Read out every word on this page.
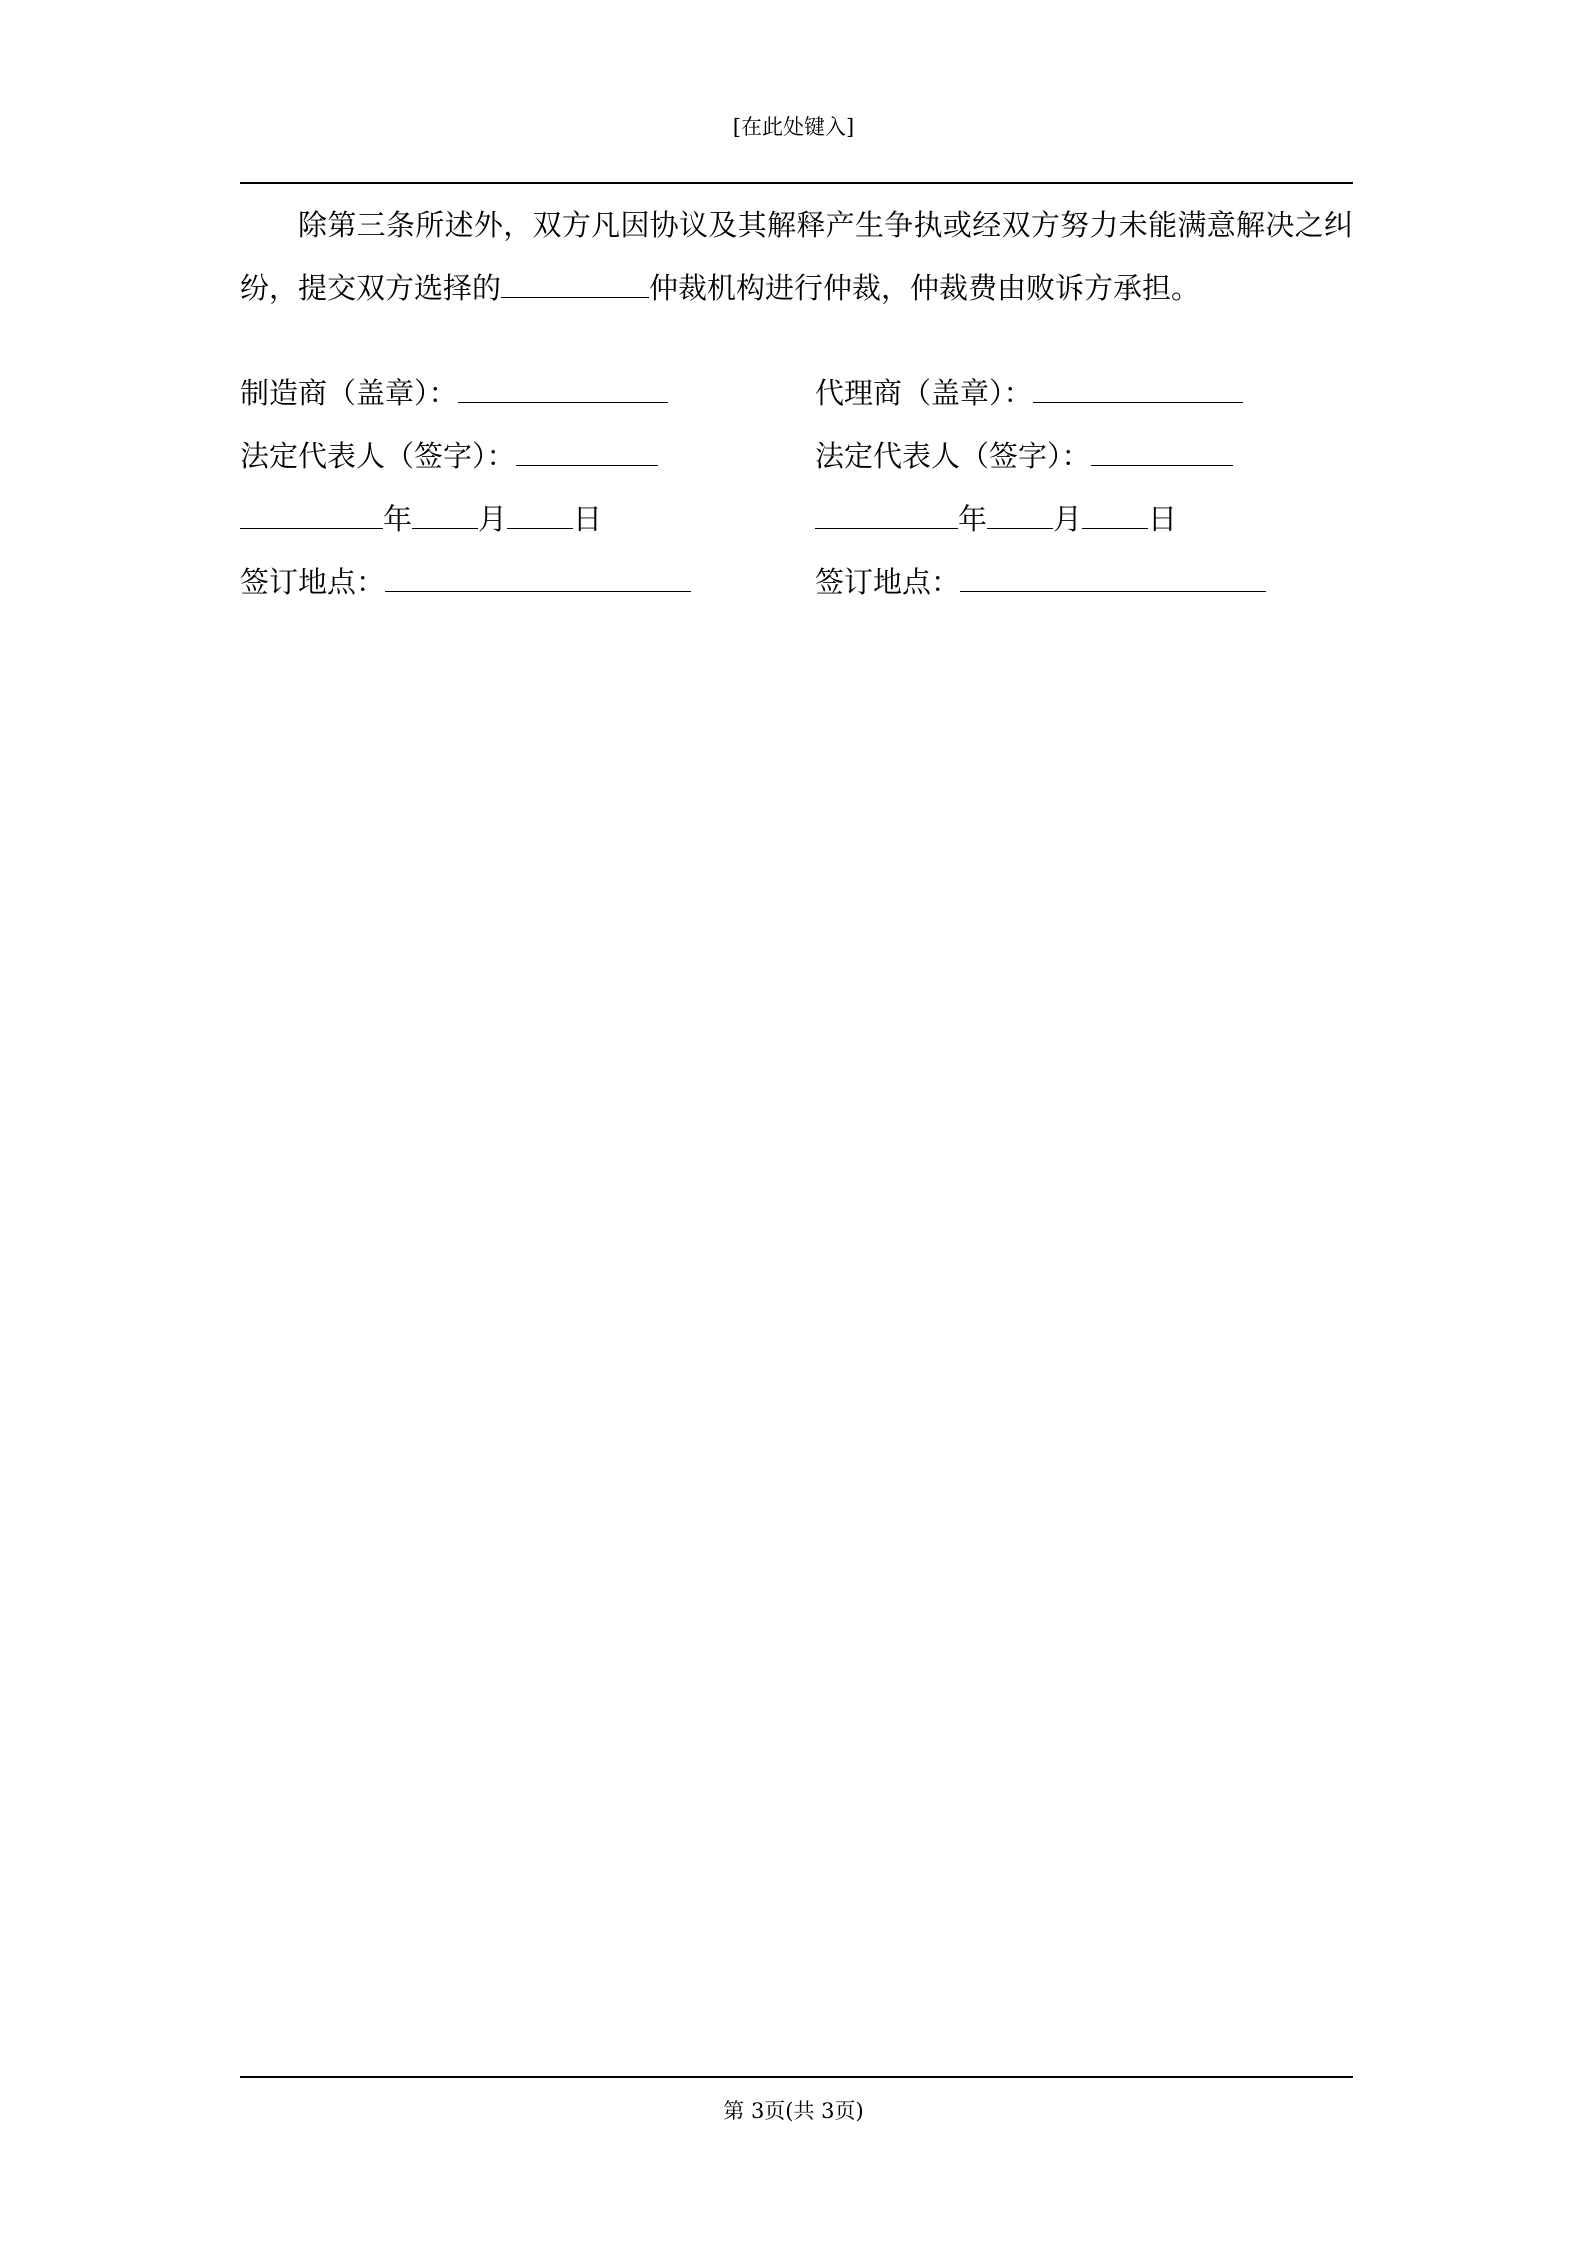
[在此处键入]

除第三条所述外，双方凡因协议及其解释产生争执或经双方努力未能满意解决之纠纷，提交双方选择的	仲裁机构进行仲裁，仲裁费由败诉方承担。

制造商（盖章）：
法定代表人（签字）：
年 月 日
签订地点：
代理商（盖章）：
法定代表人（签字）：
年 月 日
签订地点：
第 3页(共 3页)
